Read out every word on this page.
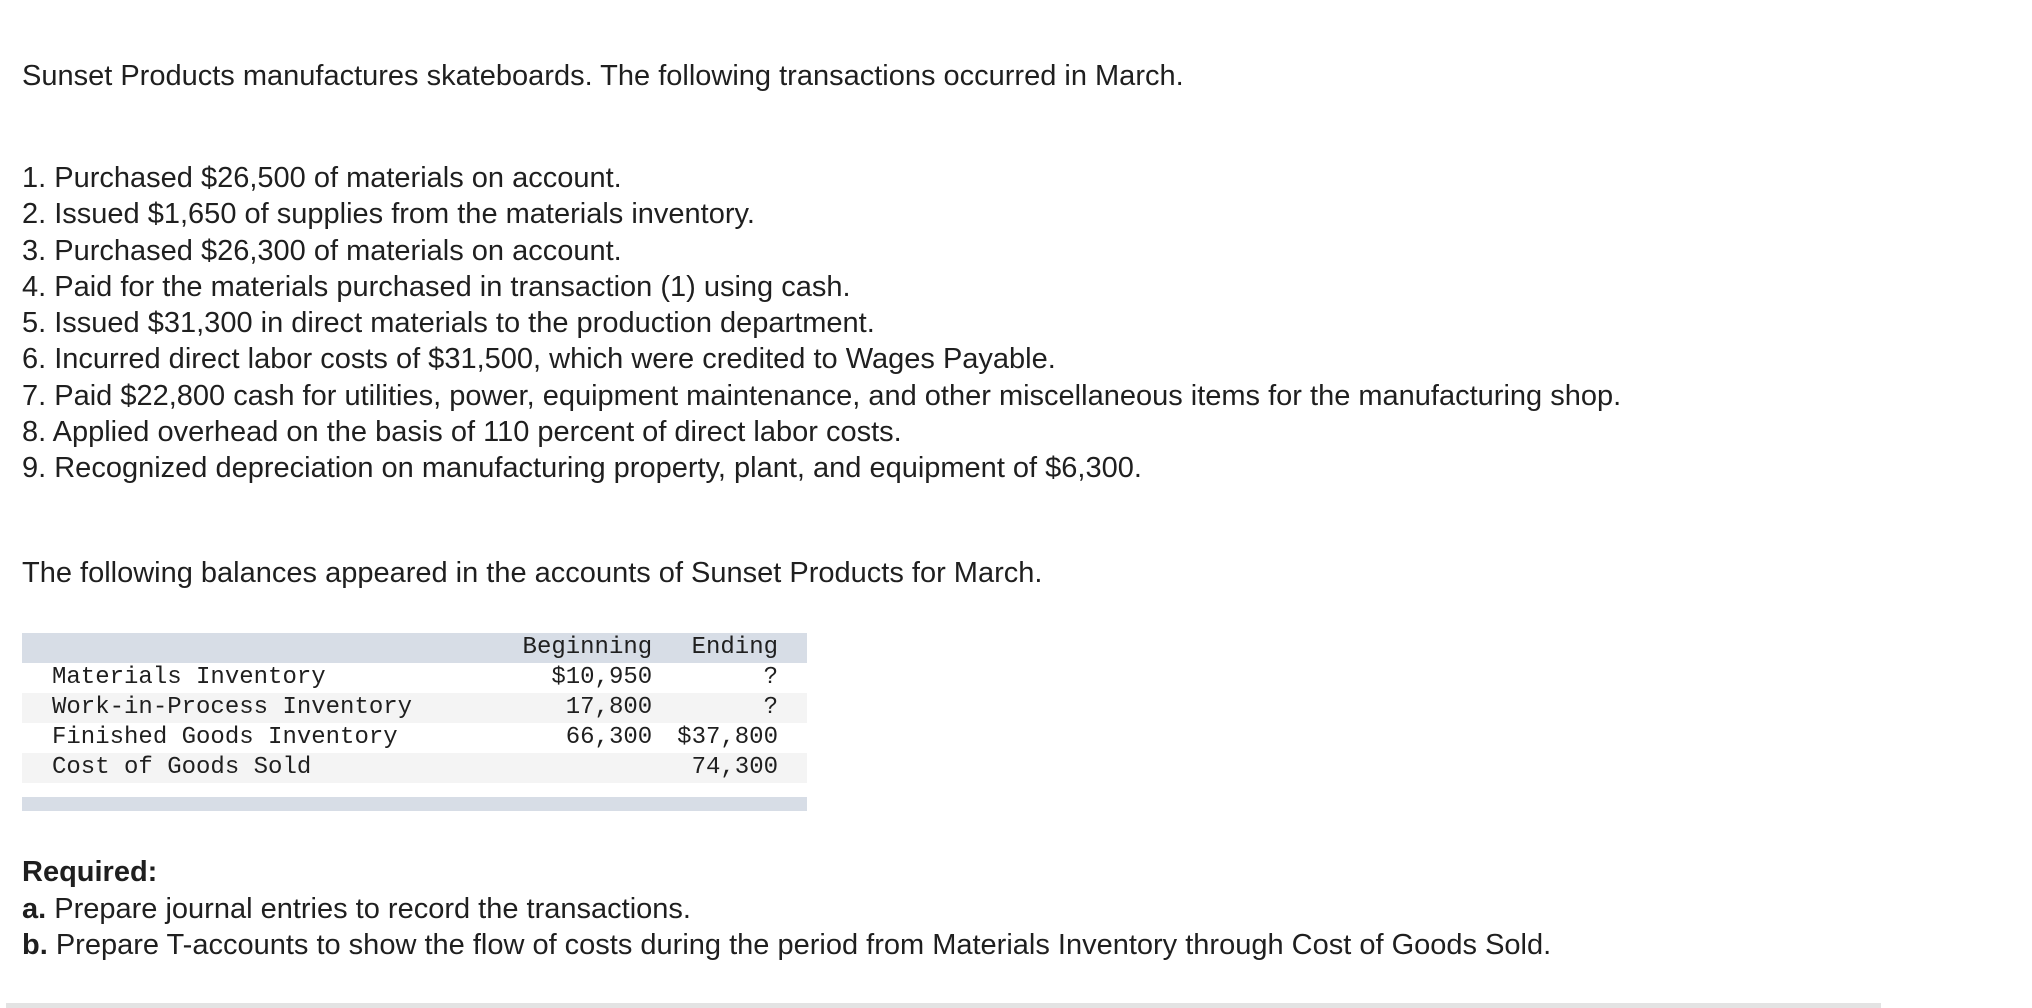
Sunset Products manufactures skateboards. The following transactions occurred in March.

1. Purchased $26,500 of materials on account.
2. Issued $1,650 of supplies from the materials inventory.
3. Purchased $26,300 of materials on account.
4. Paid for the materials purchased in transaction (1) using cash.
5. Issued $31,300 in direct materials to the production department.
6. Incurred direct labor costs of $31,500, which were credited to Wages Payable.
7. Paid $22,800 cash for utilities, power, equipment maintenance, and other miscellaneous items for the manufacturing shop.
8. Applied overhead on the basis of 110 percent of direct labor costs.
9. Recognized depreciation on manufacturing property, plant, and equipment of $6,300.

The following balances appeared in the accounts of Sunset Products for March.

	Beginning	Ending
Materials Inventory	$10,950	?
Work-in-Process Inventory	17,800	?
Finished Goods Inventory	66,300	$37,800
Cost of Goods Sold		74,300

Required:
a. Prepare journal entries to record the transactions.
b. Prepare T-accounts to show the flow of costs during the period from Materials Inventory through Cost of Goods Sold.
